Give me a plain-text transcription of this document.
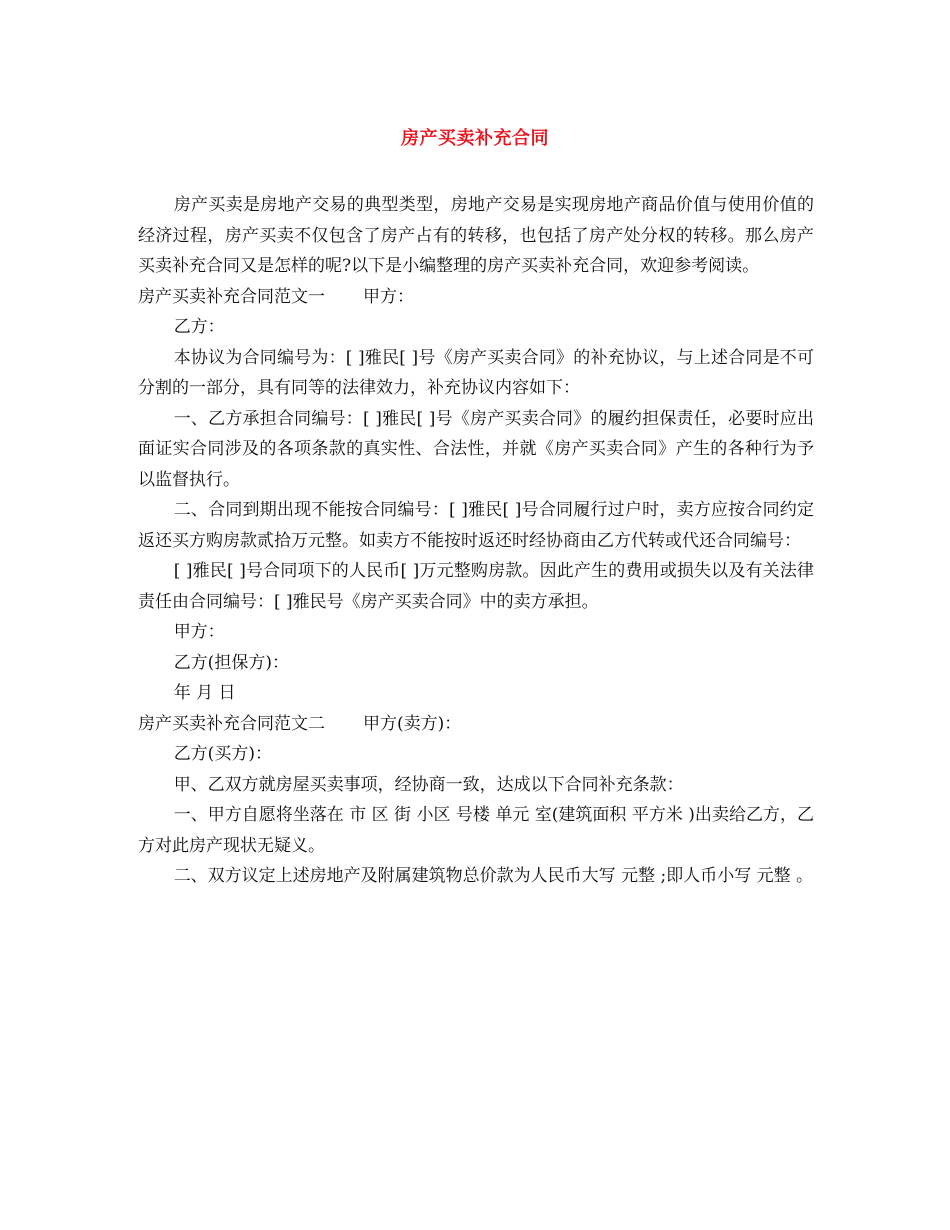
房产买卖补充合同

房产买卖是房地产交易的典型类型，房地产交易是实现房地产商品价值与使用价值的经济过程，房产买卖不仅包含了房产占有的转移，也包括了房产处分权的转移。那么房产买卖补充合同又是怎样的呢?以下是小编整理的房产买卖补充合同，欢迎参考阅读。

房产买卖补充合同范文一 甲方：

乙方：

本协议为合同编号为：[ ]雅民[ ]号《房产买卖合同》的补充协议，与上述合同是不可分割的一部分，具有同等的法律效力，补充协议内容如下：

一、乙方承担合同编号：[ ]雅民[ ]号《房产买卖合同》的履约担保责任，必要时应出面证实合同涉及的各项条款的真实性、合法性，并就《房产买卖合同》产生的各种行为予以监督执行。

二、合同到期出现不能按合同编号：[ ]雅民[ ]号合同履行过户时，卖方应按合同约定返还买方购房款贰拾万元整。如卖方不能按时返还时经协商由乙方代转或代还合同编号：

[ ]雅民[ ]号合同项下的人民币[ ]万元整购房款。因此产生的费用或损失以及有关法律责任由合同编号：[ ]雅民号《房产买卖合同》中的卖方承担。

甲方：

乙方(担保方)：

年 月 日

房产买卖补充合同范文二 甲方(卖方)：

乙方(买方)：

甲、乙双方就房屋买卖事项，经协商一致，达成以下合同补充条款：

一、甲方自愿将坐落在 市 区 街 小区 号楼 单元 室(建筑面积 平方米 )出卖给乙方，乙方对此房产现状无疑义。

二、双方议定上述房地产及附属建筑物总价款为人民币大写 元整 ;即人币小写 元整 。
